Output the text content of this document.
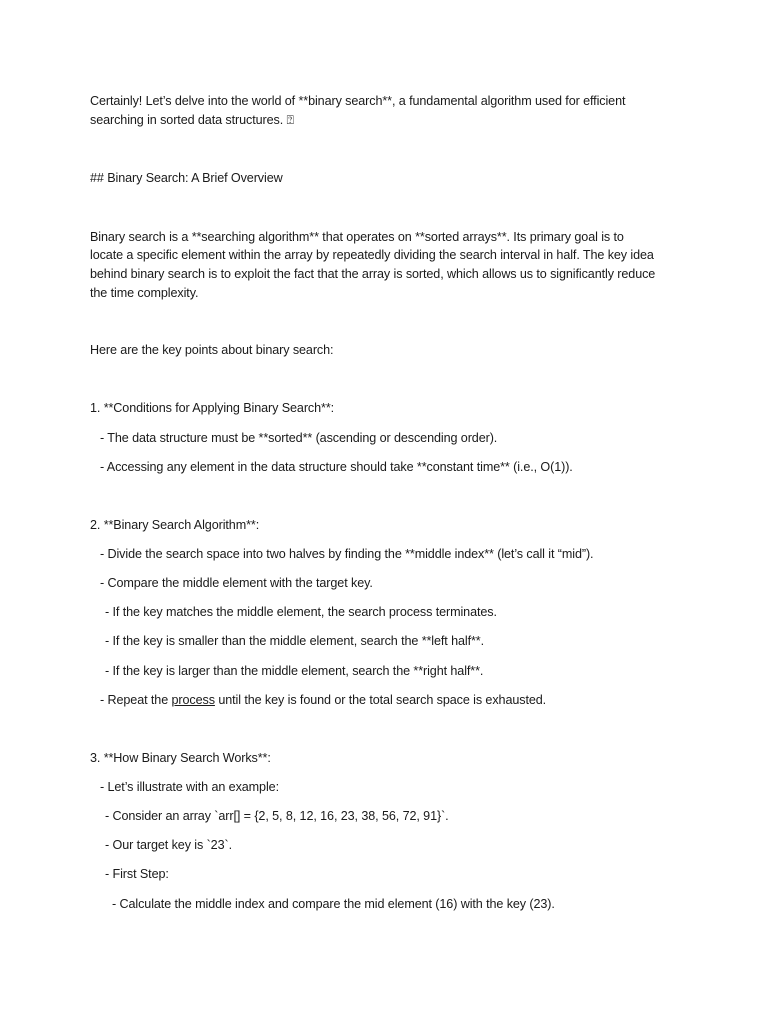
Certainly! Let’s delve into the world of **binary search**, a fundamental algorithm used for efficient
searching in sorted data structures. ⍰
## Binary Search: A Brief Overview
Binary search is a **searching algorithm** that operates on **sorted arrays**. Its primary goal is to
locate a specific element within the array by repeatedly dividing the search interval in half. The key idea
behind binary search is to exploit the fact that the array is sorted, which allows us to significantly reduce
the time complexity.
Here are the key points about binary search:
1. **Conditions for Applying Binary Search**:
- The data structure must be **sorted** (ascending or descending order).
- Accessing any element in the data structure should take **constant time** (i.e., O(1)).
2. **Binary Search Algorithm**:
- Divide the search space into two halves by finding the **middle index** (let’s call it “mid”).
- Compare the middle element with the target key.
- If the key matches the middle element, the search process terminates.
- If the key is smaller than the middle element, search the **left half**.
- If the key is larger than the middle element, search the **right half**.
- Repeat the process until the key is found or the total search space is exhausted.
3. **How Binary Search Works**:
- Let’s illustrate with an example:
- Consider an array `arr[] = {2, 5, 8, 12, 16, 23, 38, 56, 72, 91}`.
- Our target key is `23`.
- First Step:
- Calculate the middle index and compare the mid element (16) with the key (23).
